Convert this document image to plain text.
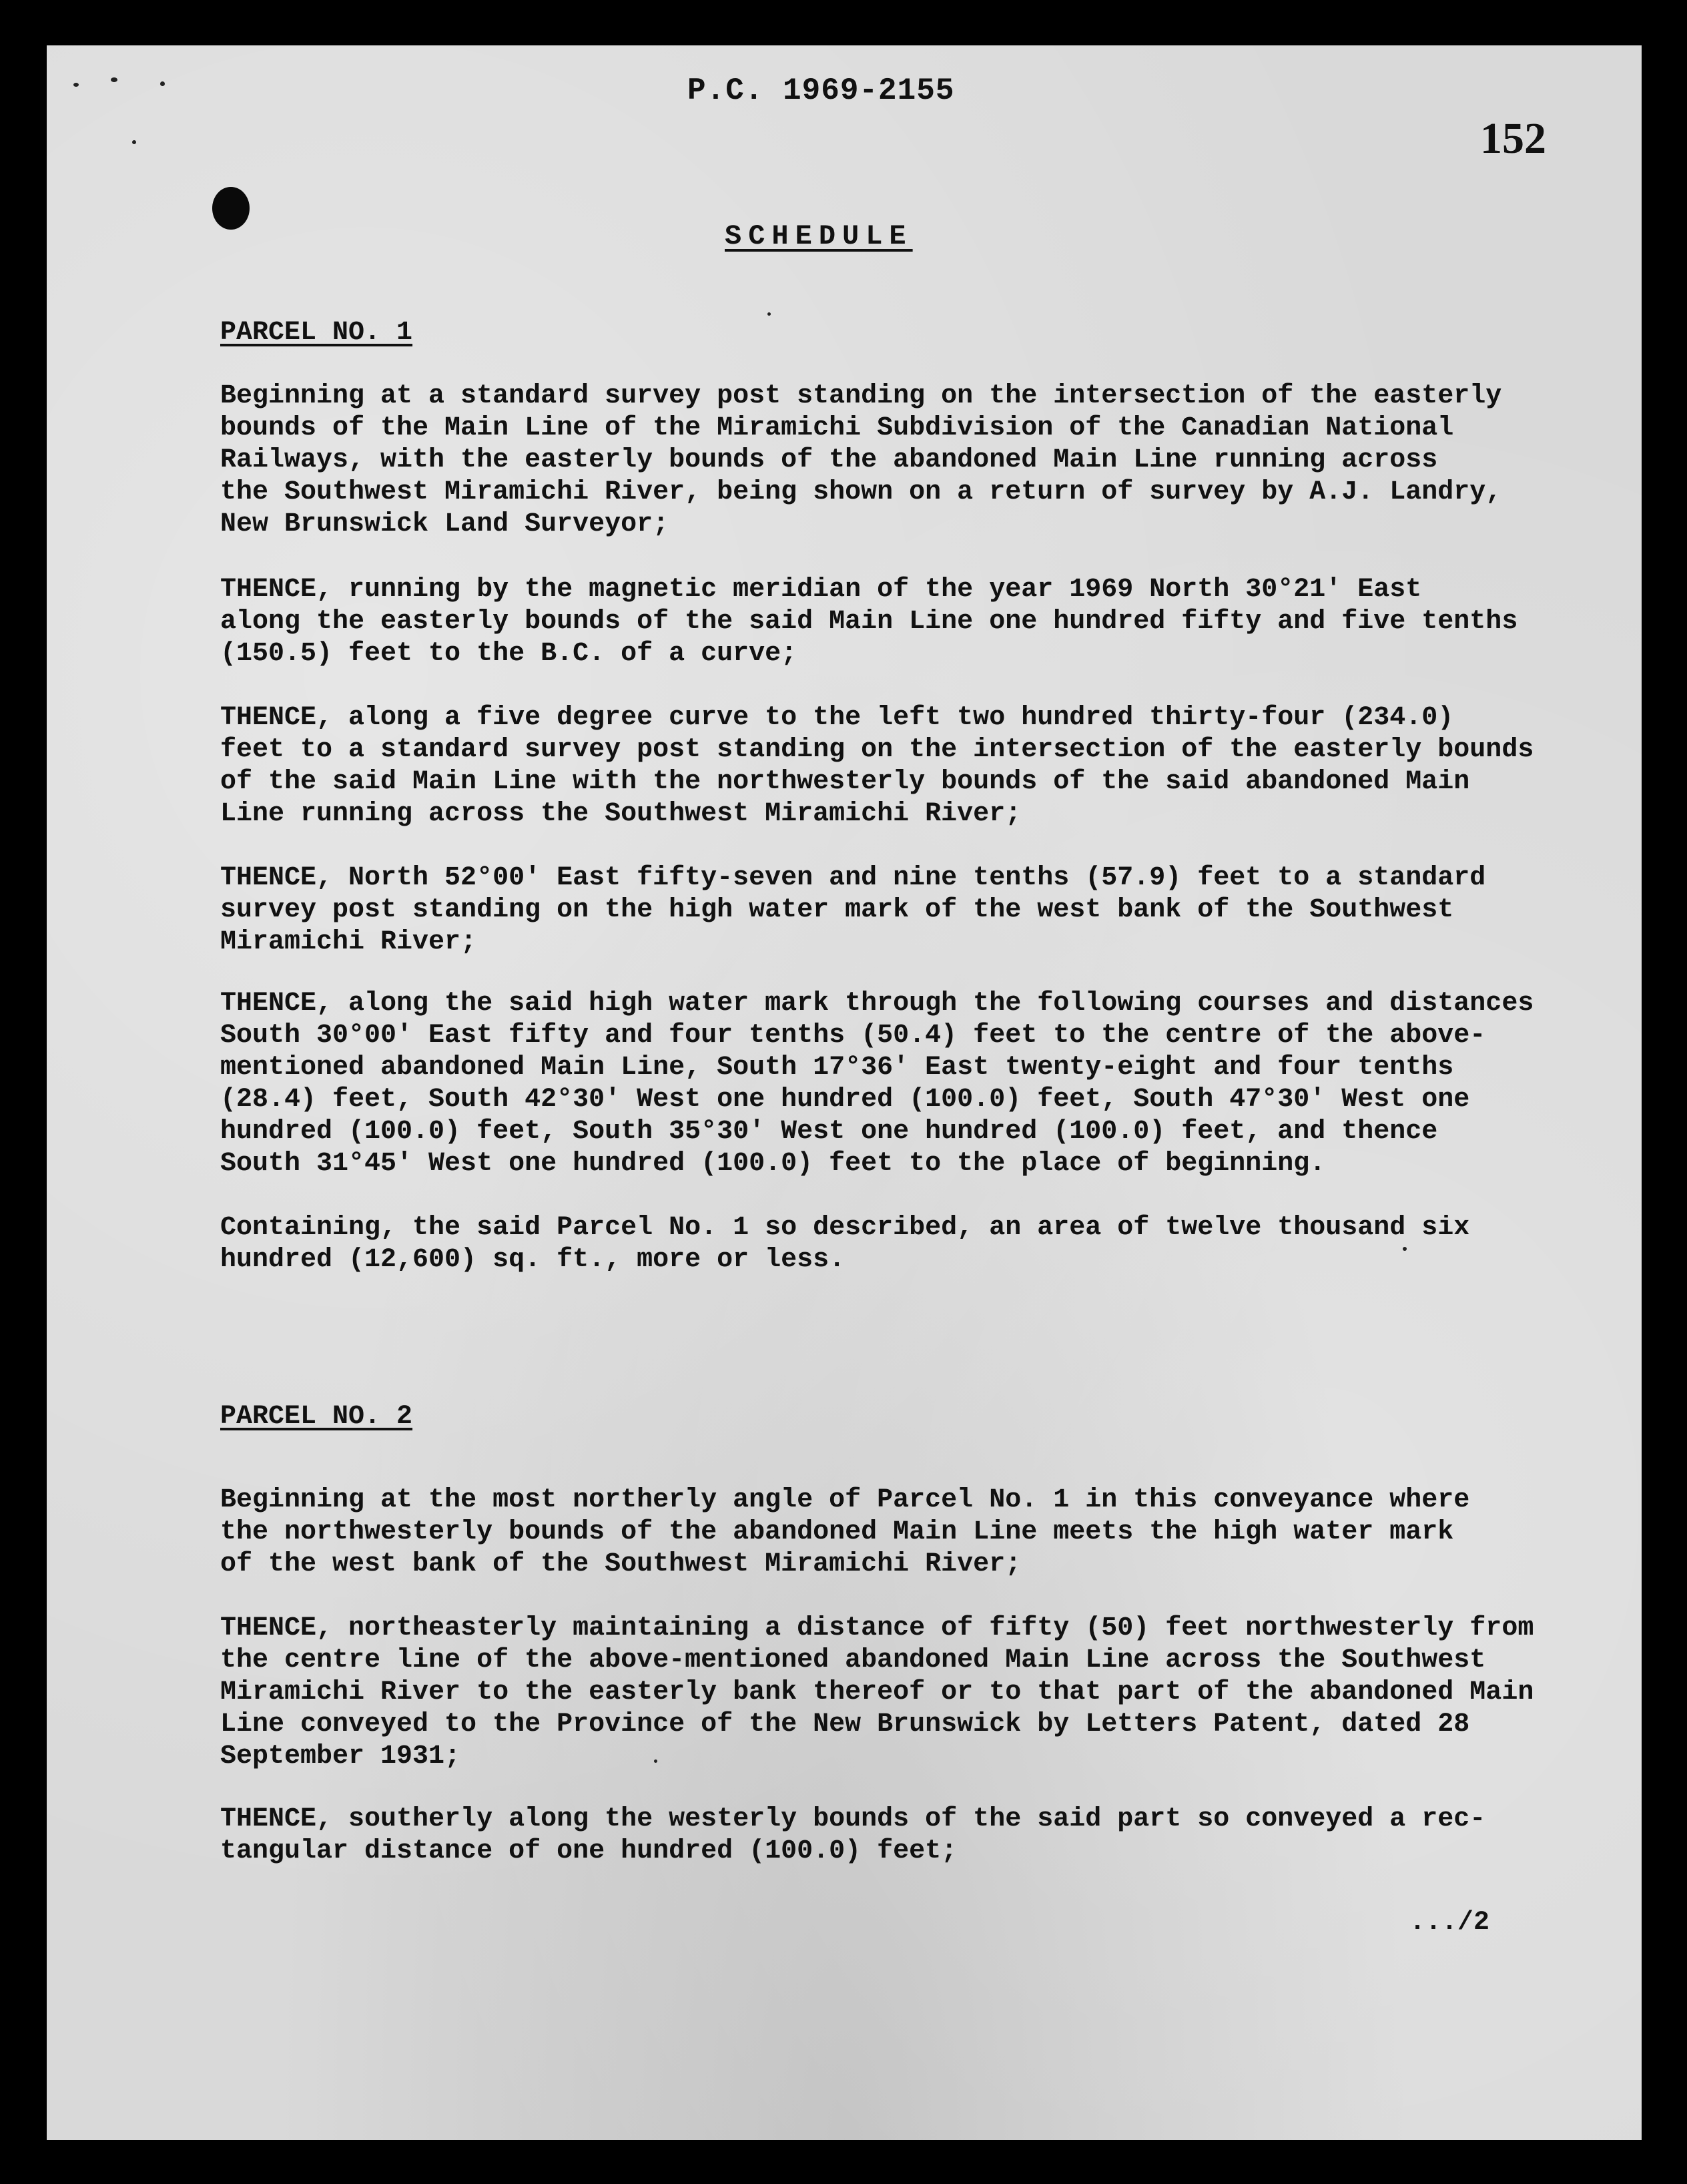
P.C. 1969-2155
152
SCHEDULE
PARCEL NO. 1
Beginning at a standard survey post standing on the intersection of the easterly
bounds of the Main Line of the Miramichi Subdivision of the Canadian National
Railways, with the easterly bounds of the abandoned Main Line running across
the Southwest Miramichi River, being shown on a return of survey by A.J. Landry,
New Brunswick Land Surveyor;
THENCE, running by the magnetic meridian of the year 1969 North 30°21' East
along the easterly bounds of the said Main Line one hundred fifty and five tenths
(150.5) feet to the B.C. of a curve;
THENCE, along a five degree curve to the left two hundred thirty-four (234.0)
feet to a standard survey post standing on the intersection of the easterly bounds
of the said Main Line with the northwesterly bounds of the said abandoned Main
Line running across the Southwest Miramichi River;
THENCE, North 52°00' East fifty-seven and nine tenths (57.9) feet to a standard
survey post standing on the high water mark of the west bank of the Southwest
Miramichi River;
THENCE, along the said high water mark through the following courses and distances
South 30°00' East fifty and four tenths (50.4) feet to the centre of the above-
mentioned abandoned Main Line, South 17°36' East twenty-eight and four tenths
(28.4) feet, South 42°30' West one hundred (100.0) feet, South 47°30' West one
hundred (100.0) feet, South 35°30' West one hundred (100.0) feet, and thence
South 31°45' West one hundred (100.0) feet to the place of beginning.
Containing, the said Parcel No. 1 so described, an area of twelve thousand six
hundred (12,600) sq. ft., more or less.
PARCEL NO. 2
Beginning at the most northerly angle of Parcel No. 1 in this conveyance where
the northwesterly bounds of the abandoned Main Line meets the high water mark
of the west bank of the Southwest Miramichi River;
THENCE, northeasterly maintaining a distance of fifty (50) feet northwesterly from
the centre line of the above-mentioned abandoned Main Line across the Southwest
Miramichi River to the easterly bank thereof or to that part of the abandoned Main
Line conveyed to the Province of the New Brunswick by Letters Patent, dated 28
September 1931;
THENCE, southerly along the westerly bounds of the said part so conveyed a rec-
tangular distance of one hundred (100.0) feet;
.../2
